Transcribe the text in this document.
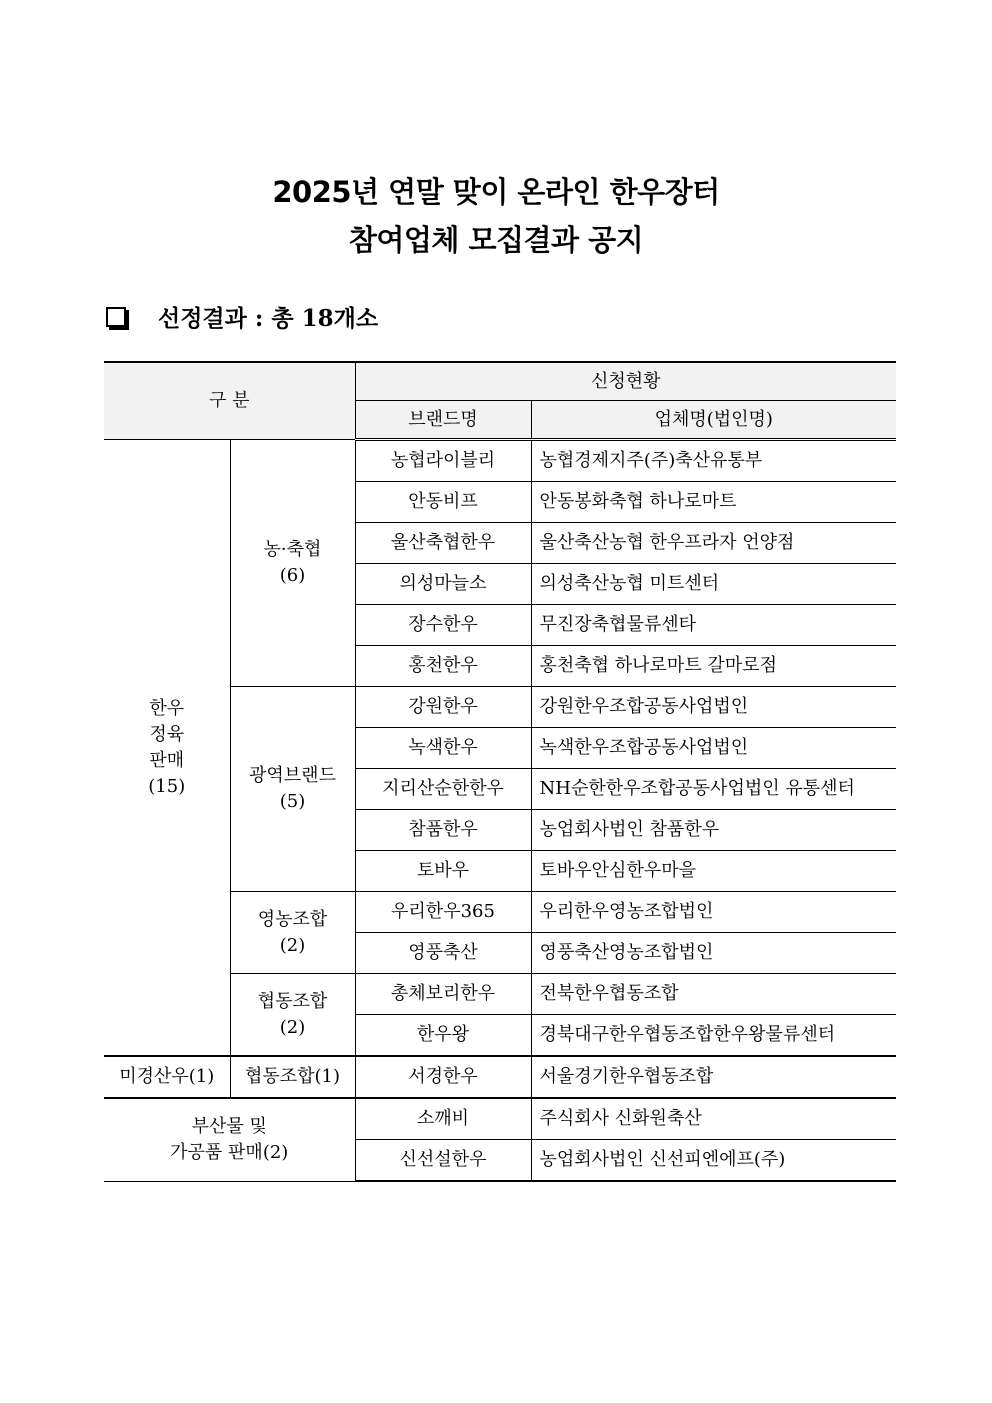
2025년 연말 맞이 온라인 한우장터
참여업체 모집결과 공지
선정결과 : 총 18개소
구 분		신청현황	
		브랜드명	업체명(법인명)

한우
정육
판매
(15)	농·축협
(6)	농협라이블리	농협경제지주(주)축산유통부
		안동비프	안동봉화축협 하나로마트
		울산축협한우	울산축산농협 한우프라자 언양점
		의성마늘소	의성축산농협 미트센터
		장수한우	무진장축협물류센타
		홍천한우	홍천축협 하나로마트 갈마로점

	광역브랜드
(5)	강원한우	강원한우조합공동사업법인
		녹색한우	녹색한우조합공동사업법인
		지리산순한한우	NH순한한우조합공동사업법인 유통센터
		참품한우	농업회사법인 참품한우
		토바우	토바우안심한우마을

	영농조합
(2)	우리한우365	우리한우영농조합법인
		영풍축산	영풍축산영농조합법인

	협동조합
(2)	총체보리한우	전북한우협동조합
		한우왕	경북대구한우협동조합한우왕물류센터
미경산우(1)	협동조합(1)	서경한우	서울경기한우협동조합

부산물 및
가공품 판매(2)		소깨비	주식회사 신화원축산
		신선설한우	농업회사법인 신선피엔에프(주)
